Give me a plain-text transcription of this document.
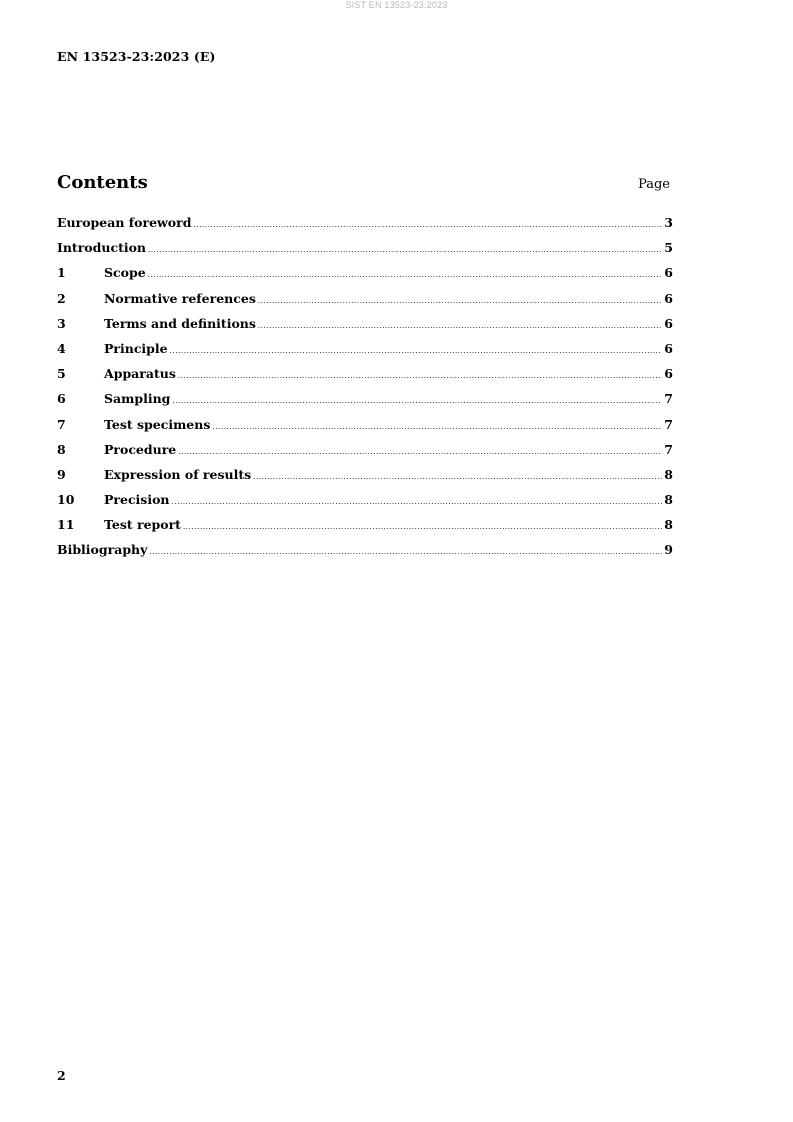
SIST EN 13523-23:2023
EN 13523-23:2023 (E)
Contents	Page
European foreword .....	3
Introduction .....	5
1	Scope .....	6
2	Normative references .....	6
3	Terms and definitions .....	6
4	Principle .....	6
5	Apparatus .....	6
6	Sampling .....	7
7	Test specimens .....	7
8	Procedure .....	7
9	Expression of results .....	8
10	Precision .....	8
11	Test report .....	8
Bibliography .....	9
2
